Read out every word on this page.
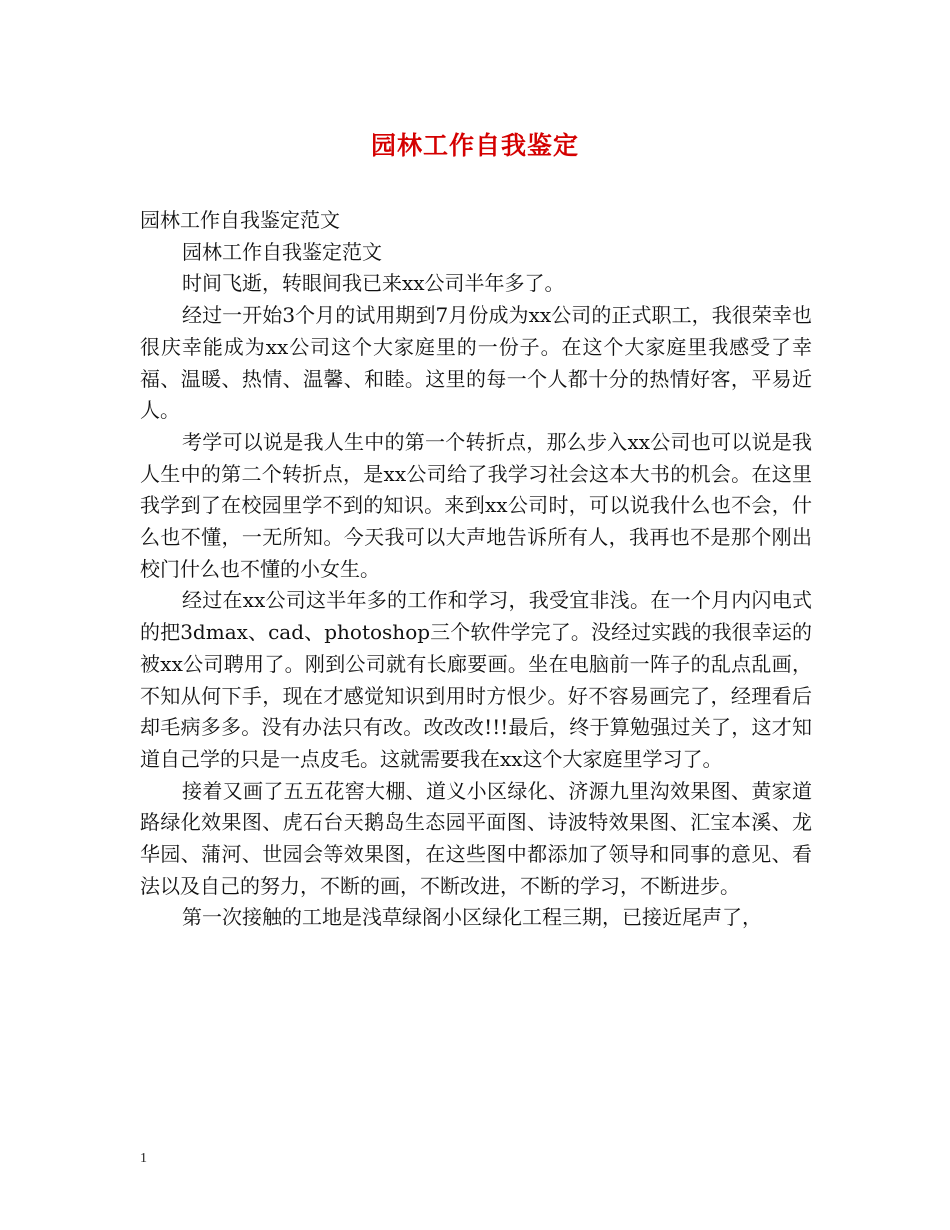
园林工作自我鉴定

园林工作自我鉴定范文

园林工作自我鉴定范文

时间飞逝，转眼间我已来xx公司半年多了。

经过一开始3个月的试用期到7月份成为xx公司的正式职工，我很荣幸也很庆幸能成为xx公司这个大家庭里的一份子。在这个大家庭里我感受了幸福、温暖、热情、温馨、和睦。这里的每一个人都十分的热情好客，平易近人。

考学可以说是我人生中的第一个转折点，那么步入xx公司也可以说是我人生中的第二个转折点，是xx公司给了我学习社会这本大书的机会。在这里我学到了在校园里学不到的知识。来到xx公司时，可以说我什么也不会，什么也不懂，一无所知。今天我可以大声地告诉所有人，我再也不是那个刚出校门什么也不懂的小女生。

经过在xx公司这半年多的工作和学习，我受宜非浅。在一个月内闪电式的把3dmax、cad、photoshop三个软件学完了。没经过实践的我很幸运的被xx公司聘用了。刚到公司就有长廊要画。坐在电脑前一阵子的乱点乱画，不知从何下手，现在才感觉知识到用时方恨少。好不容易画完了，经理看后却毛病多多。没有办法只有改。改改改!!!最后，终于算勉强过关了，这才知道自己学的只是一点皮毛。这就需要我在xx这个大家庭里学习了。

接着又画了五五花窖大棚、道义小区绿化、济源九里沟效果图、黄家道路绿化效果图、虎石台天鹅岛生态园平面图、诗波特效果图、汇宝本溪、龙华园、蒲河、世园会等效果图，在这些图中都添加了领导和同事的意见、看法以及自己的努力，不断的画，不断改进，不断的学习，不断进步。

第一次接触的工地是浅草绿阁小区绿化工程三期，已接近尾声了，

1
